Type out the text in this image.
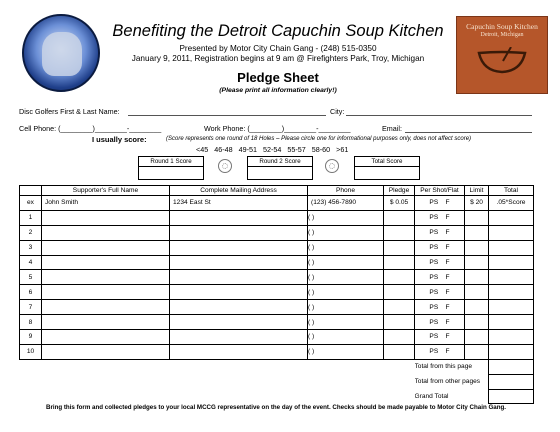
Capuchin Soup Kitchen
Detroit, Michigan
Benefiting the Detroit Capuchin Soup Kitchen
Presented by Motor City Chain Gang - (248) 515-0350
January 9, 2011, Registration begins at 9 am @ Firefighters Park, Troy, Michigan
Pledge Sheet
(Please print all information clearly!)
Disc Golfers First & Last Name:	City:
Cell Phone: (________)________-________	Work Phone: (________)________-________	Email:
I usually score:	(Score represents one round of 18 Holes – Please circle one for informational purposes only, does not affect score)
<45 46-48 49-51 52-54 55-57 58-60 >61
Round 1 Score	Round 2 Score	Total Score
	Supporter's Full Name	Complete Mailing Address	Phone	Pledge	Per Shot/Flat	Limit	Total
ex	John Smith	1234 East St	(123) 456-7890	$ 0.05	PS F	$ 20	.05*Score
1			( )		PS F		
2			( )		PS F		
3			( )		PS F		
4			( )		PS F		
5			( )		PS F		
6			( )		PS F		
7			( )		PS F		
8			( )		PS F		
9			( )		PS F		
10			( )		PS F		
					Total from this page		
					Total from other pages		
					Grand Total		
Bring this form and collected pledges to your local MCCG representative on the day of the event. Checks should be made payable to Motor City Chain Gang.
